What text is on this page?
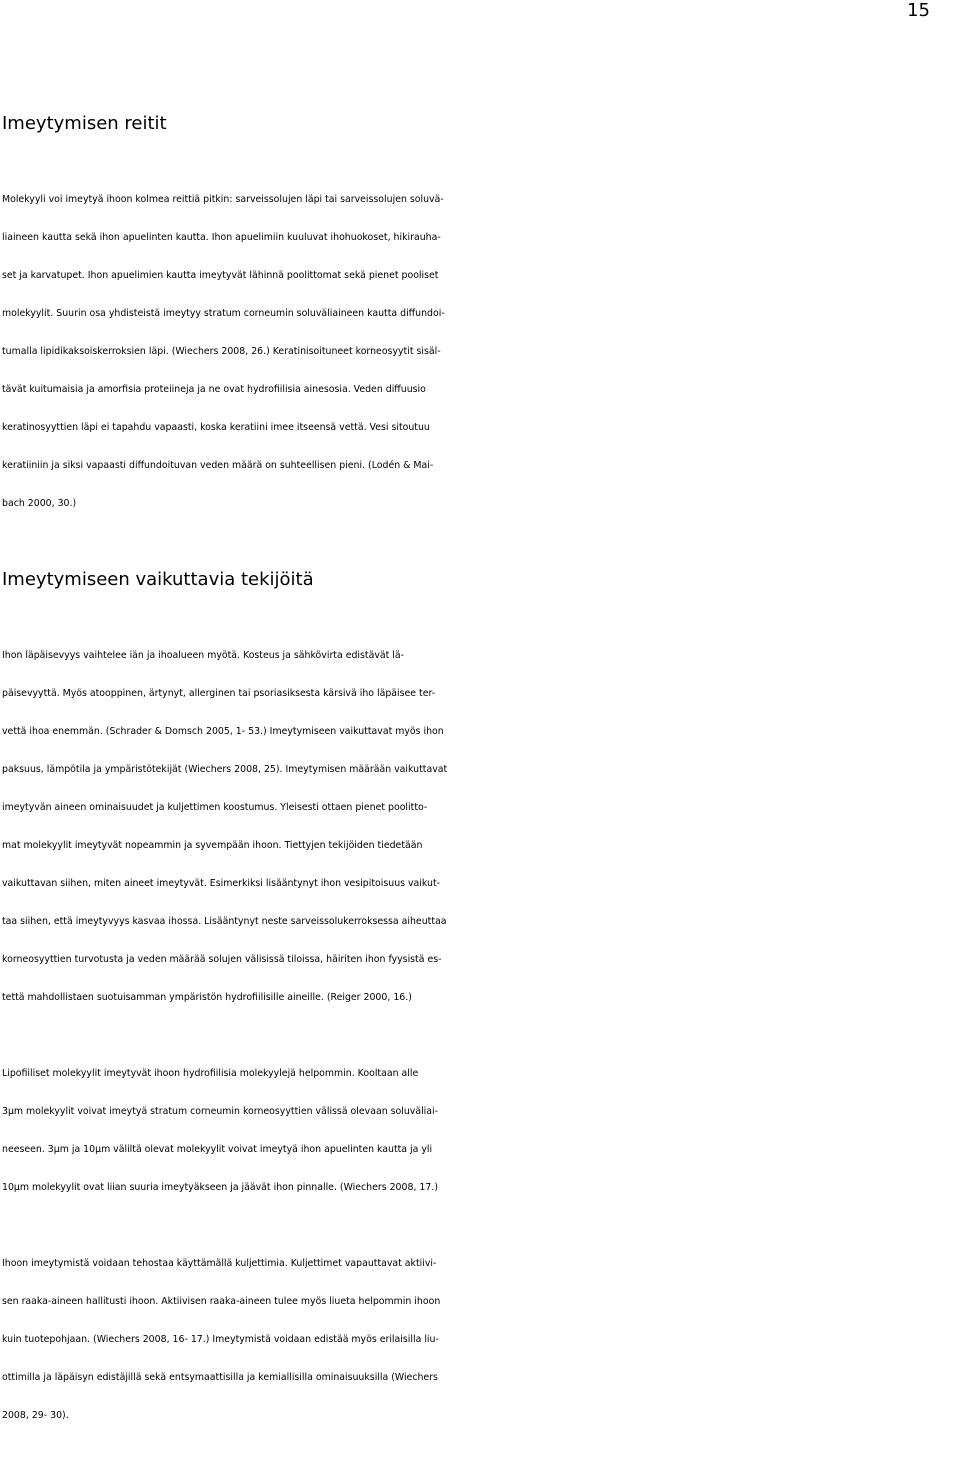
15
Imeytymisen reitit

Molekyyli voi imeytyä ihoon kolmea reittiä pitkin: sarveissolujen läpi tai sarveissolujen soluvä-
liaineen kautta sekä ihon apuelinten kautta. Ihon apuelimiin kuuluvat ihohuokoset, hikirauha-
set ja karvatupet. Ihon apuelimien kautta imeytyvät lähinnä poolittomat sekä pienet pooliset
molekyylit. Suurin osa yhdisteistä imeytyy stratum corneumin soluväliaineen kautta diffundoi-
tumalla lipidikaksoiskerroksien läpi. (Wiechers 2008, 26.) Keratinisoituneet korneosyytit sisäl-
tävät kuitumaisia ja amorfisia proteiineja ja ne ovat hydrofiilisia ainesosia. Veden diffuusio
keratinosyyttien läpi ei tapahdu vapaasti, koska keratiini imee itseensä vettä. Vesi sitoutuu
keratiiniin ja siksi vapaasti diffundoituvan veden määrä on suhteellisen pieni. (Lodén & Mai-
bach 2000, 30.)

Imeytymiseen vaikuttavia tekijöitä

Ihon läpäisevyys vaihtelee iän ja ihoalueen myötä. Kosteus ja sähkövirta edistävät lä-
päisevyyttä. Myös atooppinen, ärtynyt, allerginen tai psoriasiksesta kärsivä iho läpäisee ter-
vettä ihoa enemmän. (Schrader & Domsch 2005, 1- 53.) Imeytymiseen vaikuttavat myös ihon
paksuus, lämpötila ja ympäristötekijät (Wiechers 2008, 25). Imeytymisen määrään vaikuttavat
imeytyvän aineen ominaisuudet ja kuljettimen koostumus. Yleisesti ottaen pienet poolitto-
mat molekyylit imeytyvät nopeammin ja syvempään ihoon. Tiettyjen tekijöiden tiedetään
vaikuttavan siihen, miten aineet imeytyvät. Esimerkiksi lisääntynyt ihon vesipitoisuus vaikut-
taa siihen, että imeytyvyys kasvaa ihossa. Lisääntynyt neste sarveissolukerroksessa aiheuttaa
korneosyyttien turvotusta ja veden määrää solujen välisissä tiloissa, häiriten ihon fyysistä es-
tettä mahdollistaen suotuisamman ympäristön hydrofiilisille aineille. (Reiger 2000, 16.)

Lipofiiliset molekyylit imeytyvät ihoon hydrofiilisia molekyylejä helpommin. Kooltaan alle
3µm molekyylit voivat imeytyä stratum corneumin korneosyyttien välissä olevaan soluväliai-
neeseen. 3µm ja 10µm väliltä olevat molekyylit voivat imeytyä ihon apuelinten kautta ja yli
10µm molekyylit ovat liian suuria imeytyäkseen ja jäävät ihon pinnalle. (Wiechers 2008, 17.)

Ihoon imeytymistä voidaan tehostaa käyttämällä kuljettimia. Kuljettimet vapauttavat aktiivi-
sen raaka-aineen hallitusti ihoon. Aktiivisen raaka-aineen tulee myös liueta helpommin ihoon
kuin tuotepohjaan. (Wiechers 2008, 16- 17.) Imeytymistä voidaan edistää myös erilaisilla liu-
ottimilla ja läpäisyn edistäjillä sekä entsymaattisilla ja kemiallisilla ominaisuuksilla (Wiechers
2008, 29- 30).
